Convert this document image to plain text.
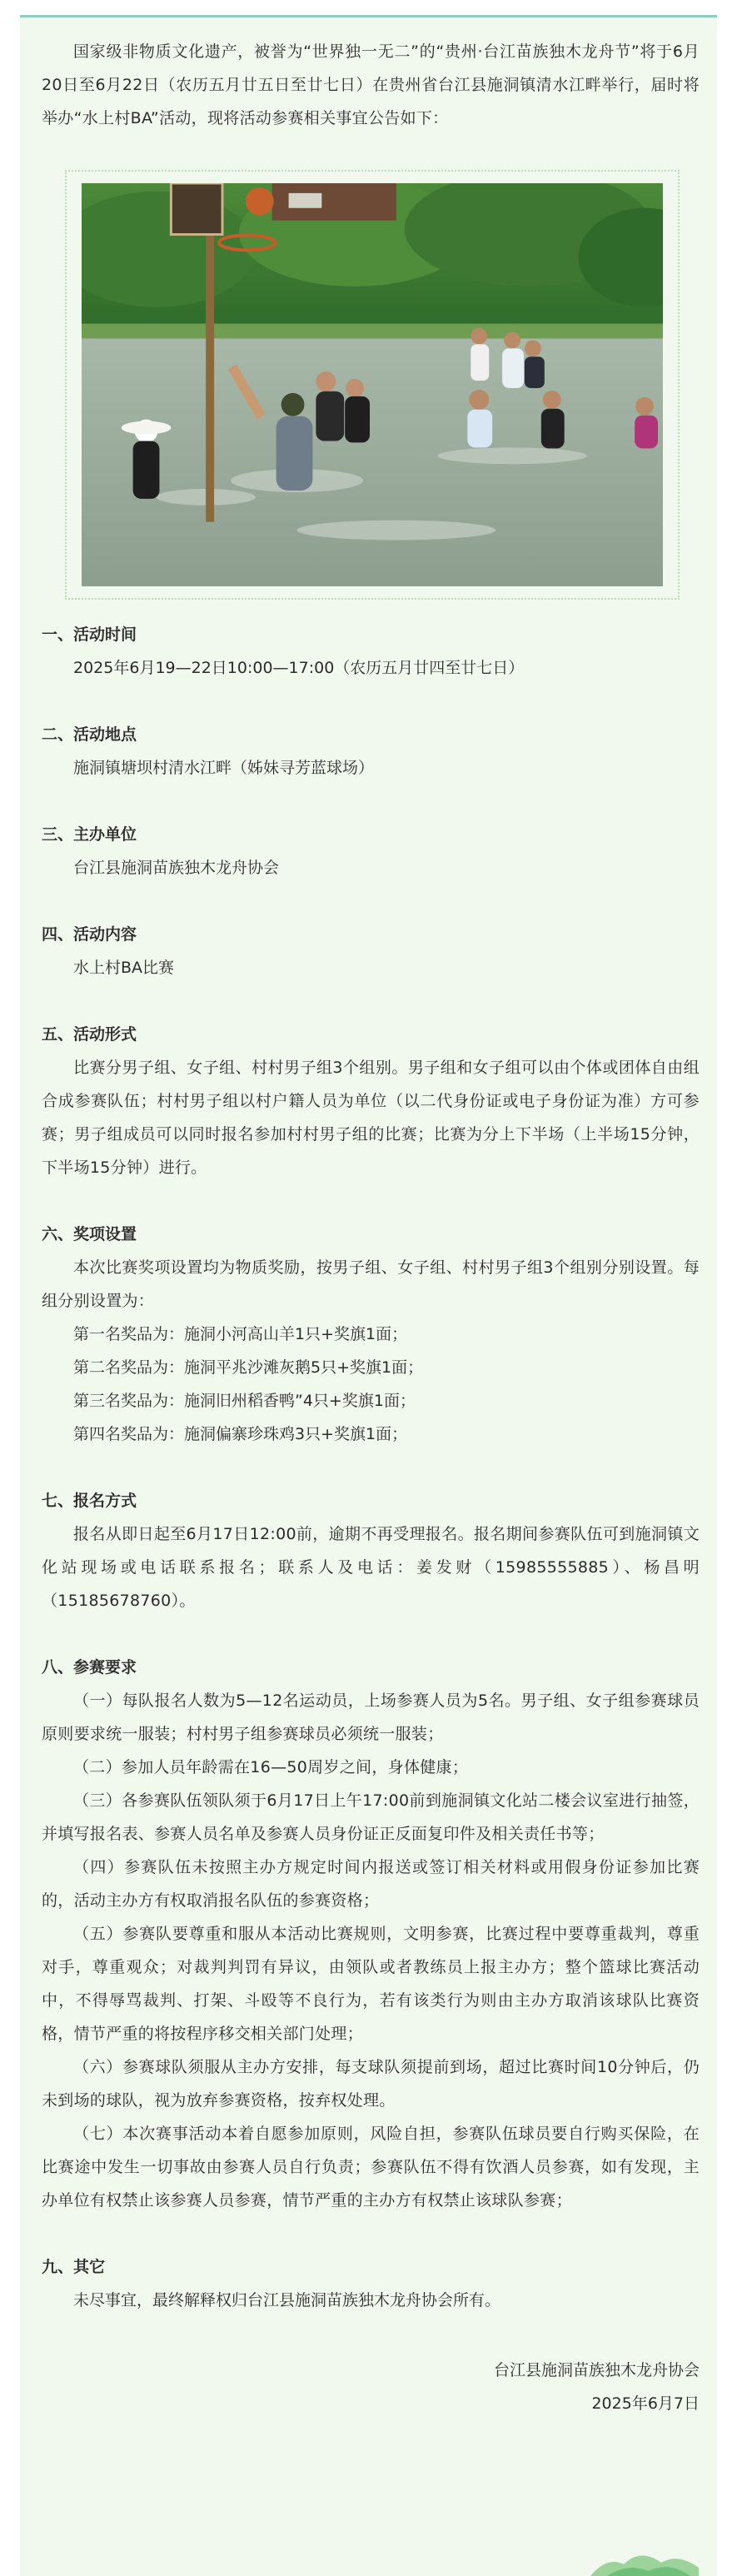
国家级非物质文化遗产，被誉为“世界独一无二”的“贵州·台江苗族独木龙舟节”将于6月20日至6月22日（农历五月廿五日至廿七日）在贵州省台江县施洞镇清水江畔举行，届时将举办“水上村BA”活动，现将活动参赛相关事宜公告如下：

一、活动时间

2025年6月19—22日10:00—17:00（农历五月廿四至廿七日）

二、活动地点

施洞镇塘坝村清水江畔（姊妹寻芳蓝球场）

三、主办单位

台江县施洞苗族独木龙舟协会

四、活动内容

水上村BA比赛

五、活动形式

比赛分男子组、女子组、村村男子组3个组别。男子组和女子组可以由个体或团体自由组合成参赛队伍；村村男子组以村户籍人员为单位（以二代身份证或电子身份证为准）方可参赛；男子组成员可以同时报名参加村村男子组的比赛；比赛为分上下半场（上半场15分钟，下半场15分钟）进行。

六、奖项设置

本次比赛奖项设置均为物质奖励，按男子组、女子组、村村男子组3个组别分别设置。每组分别设置为：

第一名奖品为：施洞小河高山羊1只+奖旗1面；

第二名奖品为：施洞平兆沙滩灰鹅5只+奖旗1面；

第三名奖品为：施洞旧州稻香鸭”4只+奖旗1面；

第四名奖品为：施洞偏寨珍珠鸡3只+奖旗1面；

七、报名方式

报名从即日起至6月17日12:00前，逾期不再受理报名。报名期间参赛队伍可到施洞镇文化站现场或电话联系报名；联系人及电话：姜发财（15985555885）、杨昌明（15185678760）。

八、参赛要求

（一）每队报名人数为5—12名运动员，上场参赛人员为5名。男子组、女子组参赛球员原则要求统一服装；村村男子组参赛球员必须统一服装；

（二）参加人员年龄需在16—50周岁之间，身体健康；

（三）各参赛队伍领队须于6月17日上午17:00前到施洞镇文化站二楼会议室进行抽签，并填写报名表、参赛人员名单及参赛人员身份证正反面复印件及相关责任书等；

（四）参赛队伍未按照主办方规定时间内报送或签订相关材料或用假身份证参加比赛的，活动主办方有权取消报名队伍的参赛资格；

（五）参赛队要尊重和服从本活动比赛规则，文明参赛，比赛过程中要尊重裁判，尊重对手，尊重观众；对裁判判罚有异议，由领队或者教练员上报主办方；整个篮球比赛活动中，不得辱骂裁判、打架、斗殴等不良行为，若有该类行为则由主办方取消该球队比赛资格，情节严重的将按程序移交相关部门处理；

（六）参赛球队须服从主办方安排，每支球队须提前到场，超过比赛时间10分钟后，仍未到场的球队，视为放弃参赛资格，按弃权处理。

（七）本次赛事活动本着自愿参加原则，风险自担，参赛队伍球员要自行购买保险，在比赛途中发生一切事故由参赛人员自行负责；参赛队伍不得有饮酒人员参赛，如有发现，主办单位有权禁止该参赛人员参赛，情节严重的主办方有权禁止该球队参赛；

九、其它

未尽事宜，最终解释权归台江县施洞苗族独木龙舟协会所有。

台江县施洞苗族独木龙舟协会

2025年6月7日
